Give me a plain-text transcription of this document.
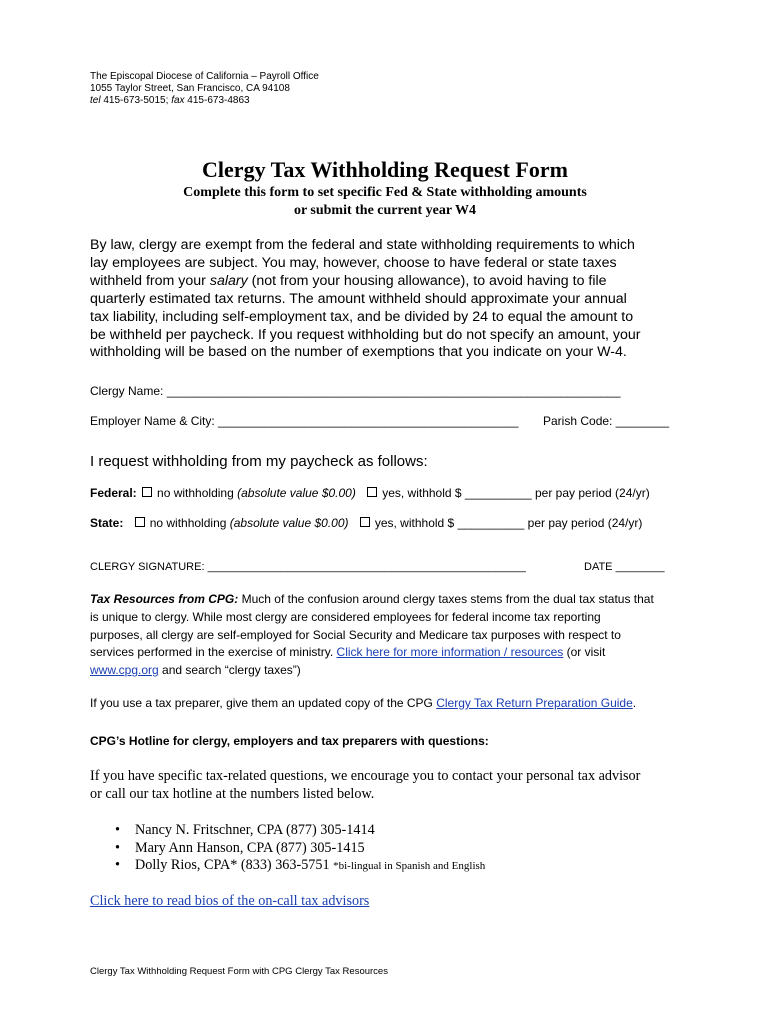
The Episcopal Diocese of California – Payroll Office
1055 Taylor Street, San Francisco, CA 94108
tel 415-673-5015; fax 415-673-4863
Clergy Tax Withholding Request Form
Complete this form to set specific Fed & State withholding amounts
or submit the current year W4
By law, clergy are exempt from the federal and state withholding requirements to which
lay employees are subject. You may, however, choose to have federal or state taxes
withheld from your salary (not from your housing allowance), to avoid having to file
quarterly estimated tax returns. The amount withheld should approximate your annual
tax liability, including self-employment tax, and be divided by 24 to equal the amount to
be withheld per paycheck. If you request withholding but do not specify an amount, your
withholding will be based on the number of exemptions that you indicate on your W-4.
Clergy Name: ____________________________________________________________________
Employer Name & City: _____________________________________________ Parish Code: ________
I request withholding from my paycheck as follows:
Federal: no withholding (absolute value $0.00) yes, withhold $ __________ per pay period (24/yr)
State: no withholding (absolute value $0.00) yes, withhold $ __________ per pay period (24/yr)
CLERGY SIGNATURE: ____________________________________________________	DATE ________
Tax Resources from CPG: Much of the confusion around clergy taxes stems from the dual tax status that
is unique to clergy. While most clergy are considered employees for federal income tax reporting
purposes, all clergy are self-employed for Social Security and Medicare tax purposes with respect to
services performed in the exercise of ministry. Click here for more information / resources (or visit
www.cpg.org and search “clergy taxes”)
If you use a tax preparer, give them an updated copy of the CPG Clergy Tax Return Preparation Guide.
CPG’s Hotline for clergy, employers and tax preparers with questions:
If you have specific tax-related questions, we encourage you to contact your personal tax advisor
or call our tax hotline at the numbers listed below.
• Nancy N. Fritschner, CPA (877) 305-1414
• Mary Ann Hanson, CPA (877) 305-1415
• Dolly Rios, CPA* (833) 363-5751 *bi-lingual in Spanish and English
Click here to read bios of the on-call tax advisors
Clergy Tax Withholding Request Form with CPG Clergy Tax Resources
